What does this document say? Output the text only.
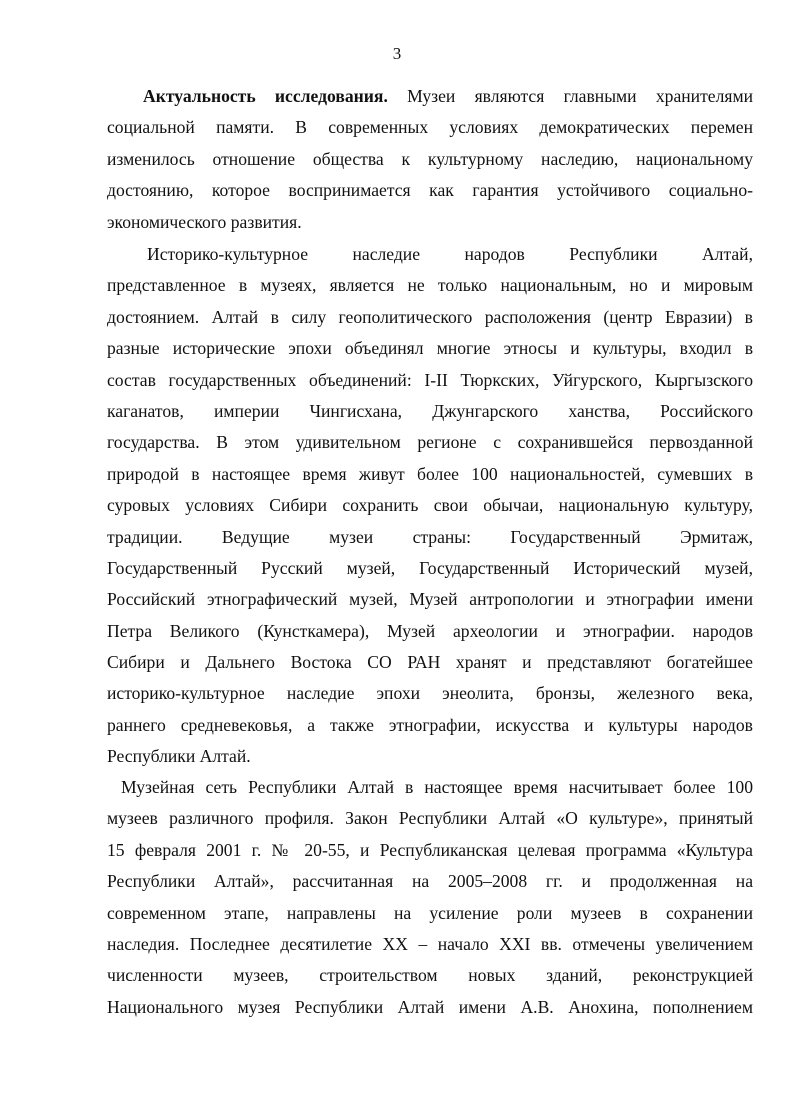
3
Актуальность исследования. Музеи являются главными хранителями
социальной памяти. В современных условиях демократических перемен
изменилось отношение общества к культурному наследию, национальному
достоянию, которое воспринимается как гарантия устойчивого социально-
экономического развития.
Историко-культурное наследие народов Республики Алтай,
представленное в музеях, является не только национальным, но и мировым
достоянием. Алтай в силу геополитического расположения (центр Евразии) в
разные исторические эпохи объединял многие этносы и культуры, входил в
состав государственных объединений: I-II Тюркских, Уйгурского, Кыргызского
каганатов, империи Чингисхана, Джунгарского ханства, Российского
государства. В этом удивительном регионе с сохранившейся первозданной
природой в настоящее время живут более 100 национальностей, сумевших в
суровых условиях Сибири сохранить свои обычаи, национальную культуру,
традиции. Ведущие музеи страны: Государственный Эрмитаж,
Государственный Русский музей, Государственный Исторический музей,
Российский этнографический музей, Музей антропологии и этнографии имени
Петра Великого (Кунсткамера), Музей археологии и этнографии. народов
Сибири и Дальнего Востока СО РАН хранят и представляют богатейшее
историко-культурное наследие эпохи энеолита, бронзы, железного века,
раннего средневековья, а также этнографии, искусства и культуры народов
Республики Алтай.
Музейная сеть Республики Алтай в настоящее время насчитывает более 100
музеев различного профиля. Закон Республики Алтай «О культуре», принятый
15 февраля 2001 г. № 20-55, и Республиканская целевая программа «Культура
Республики Алтай», рассчитанная на 2005–2008 гг. и продолженная на
современном этапе, направлены на усиление роли музеев в сохранении
наследия. Последнее десятилетие XX – начало XXI вв. отмечены увеличением
численности музеев, строительством новых зданий, реконструкцией
Национального музея Республики Алтай имени А.В. Анохина, пополнением
